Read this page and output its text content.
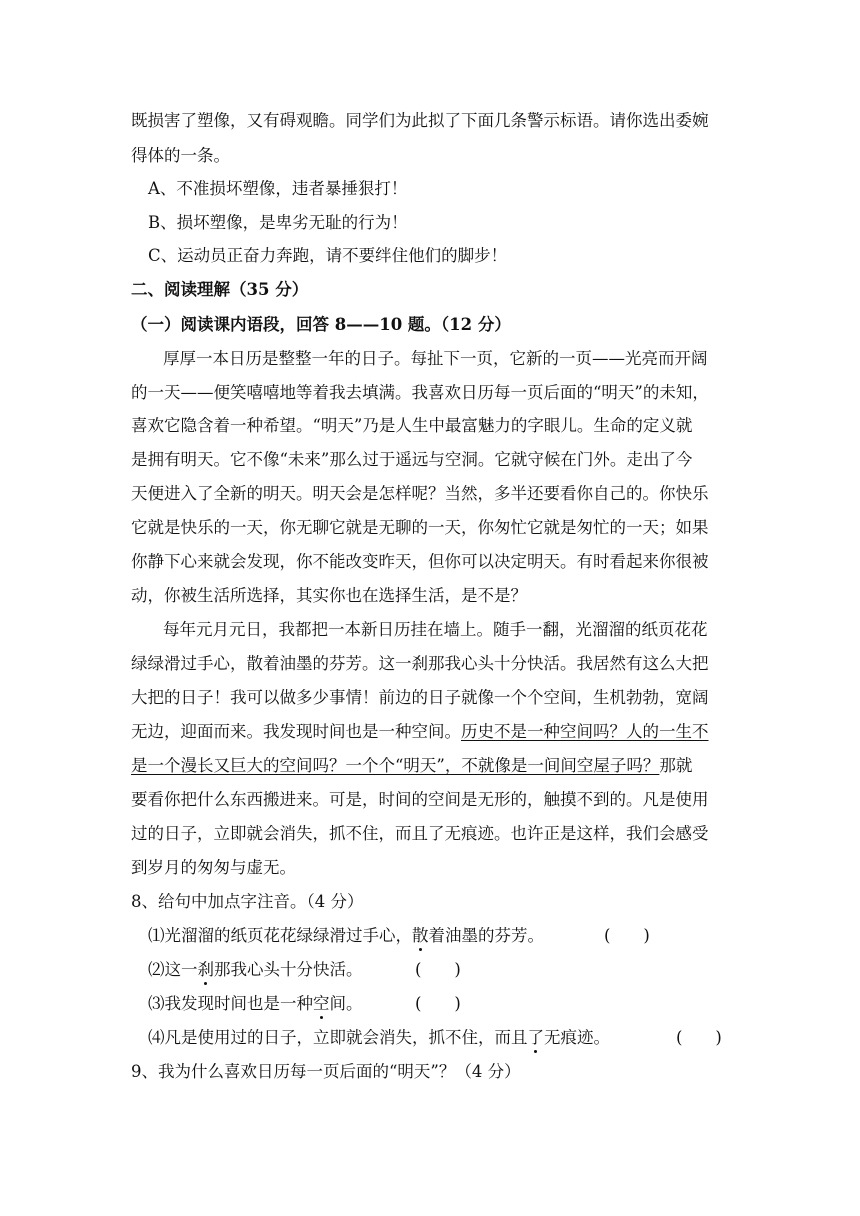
既损害了塑像，又有碍观瞻。同学们为此拟了下面几条警示标语。请你选出委婉
得体的一条。
A、不准损坏塑像，违者暴捶狠打！
B、损坏塑像，是卑劣无耻的行为！
C、运动员正奋力奔跑，请不要绊住他们的脚步！
二、阅读理解（35 分）
（一）阅读课内语段，回答 8——10 题。（12 分）
厚厚一本日历是整整一年的日子。每扯下一页，它新的一页——光亮而开阔
的一天——便笑嘻嘻地等着我去填满。我喜欢日历每一页后面的“明天”的未知，
喜欢它隐含着一种希望。“明天”乃是人生中最富魅力的字眼儿。生命的定义就
是拥有明天。它不像“未来”那么过于遥远与空洞。它就守候在门外。走出了今
天便进入了全新的明天。明天会是怎样呢？当然，多半还要看你自己的。你快乐
它就是快乐的一天，你无聊它就是无聊的一天，你匆忙它就是匆忙的一天；如果
你静下心来就会发现，你不能改变昨天，但你可以决定明天。有时看起来你很被
动，你被生活所选择，其实你也在选择生活，是不是？
每年元月元日，我都把一本新日历挂在墙上。随手一翻，光溜溜的纸页花花
绿绿滑过手心，散着油墨的芬芳。这一刹那我心头十分快活。我居然有这么大把
大把的日子！我可以做多少事情！前边的日子就像一个个空间，生机勃勃，宽阔
无边，迎面而来。我发现时间也是一种空间。历史不是一种空间吗？人的一生不
是一个漫长又巨大的空间吗？一个个“明天”，不就像是一间间空屋子吗？那就
要看你把什么东西搬进来。可是，时间的空间是无形的，触摸不到的。凡是使用
过的日子，立即就会消失，抓不住，而且了无痕迹。也许正是这样，我们会感受
到岁月的匆匆与虚无。
8、给句中加点字注音。（4 分）
⑴光溜溜的纸页花花绿绿滑过手心，散着油墨的芬芳。	(　　)
⑵这一刹那我心头十分快活。	(　　)
⑶我发现时间也是一种空间。	(　　)
⑷凡是使用过的日子，立即就会消失，抓不住，而且了无痕迹。	(　　)
9、我为什么喜欢日历每一页后面的“明天”？（4 分）
